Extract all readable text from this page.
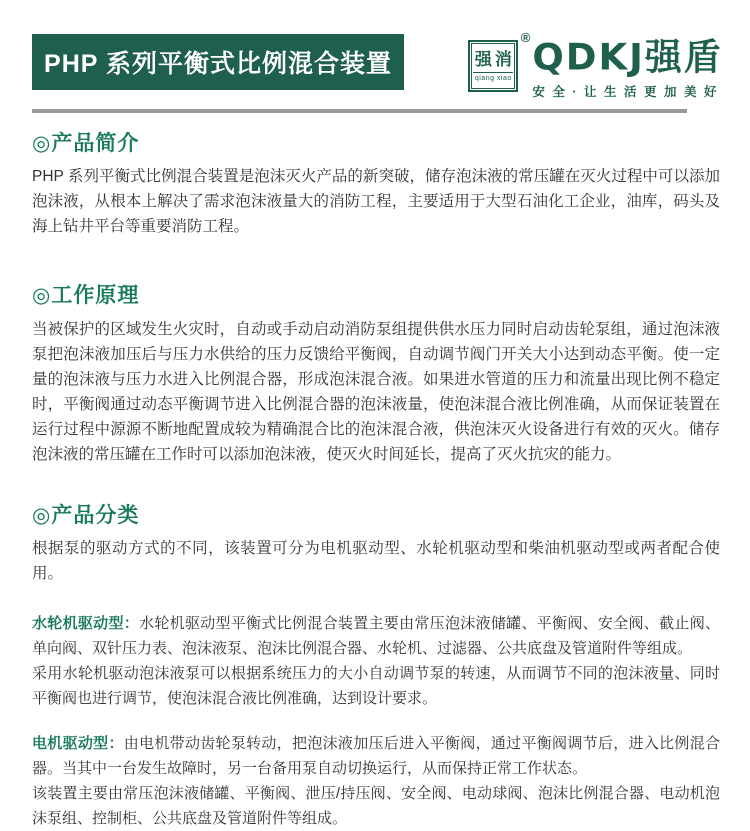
PHP 系列平衡式比例混合装置	强消
qiang xiao
® QDKJ强盾
安全·让生活更加美好
◎产品简介

PHP 系列平衡式比例混合装置是泡沫灭火产品的新突破，储存泡沫液的常压罐在灭火过程中可以添加泡沫液，从根本上解决了需求泡沫液量大的消防工程，主要适用于大型石油化工企业，油库，码头及海上钻井平台等重要消防工程。

◎工作原理

当被保护的区域发生火灾时，自动或手动启动消防泵组提供供水压力同时启动齿轮泵组，通过泡沫液泵把泡沫液加压后与压力水供给的压力反馈给平衡阀，自动调节阀门开关大小达到动态平衡。使一定量的泡沫液与压力水进入比例混合器，形成泡沫混合液。如果进水管道的压力和流量出现比例不稳定时，平衡阀通过动态平衡调节进入比例混合器的泡沫液量，使泡沫混合液比例准确，从而保证装置在运行过程中源源不断地配置成较为精确混合比的泡沫混合液，供泡沫灭火设备进行有效的灭火。储存泡沫液的常压罐在工作时可以添加泡沫液，使灭火时间延长，提高了灭火抗灾的能力。

◎产品分类

根据泵的驱动方式的不同，该装置可分为电机驱动型、水轮机驱动型和柴油机驱动型或两者配合使用。

水轮机驱动型：水轮机驱动型平衡式比例混合装置主要由常压泡沫液储罐、平衡阀、安全阀、截止阀、单向阀、双针压力表、泡沫液泵、泡沫比例混合器、水轮机、过滤器、公共底盘及管道附件等组成。

采用水轮机驱动泡沫液泵可以根据系统压力的大小自动调节泵的转速，从而调节不同的泡沫液量、同时平衡阀也进行调节，使泡沫混合液比例准确，达到设计要求。

电机驱动型：由电机带动齿轮泵转动，把泡沫液加压后进入平衡阀，通过平衡阀调节后，进入比例混合器。当其中一台发生故障时，另一台备用泵自动切换运行，从而保持正常工作状态。

该装置主要由常压泡沫液储罐、平衡阀、泄压/持压阀、安全阀、电动球阀、泡沫比例混合器、电动机泡沫泵组、控制柜、公共底盘及管道附件等组成。
